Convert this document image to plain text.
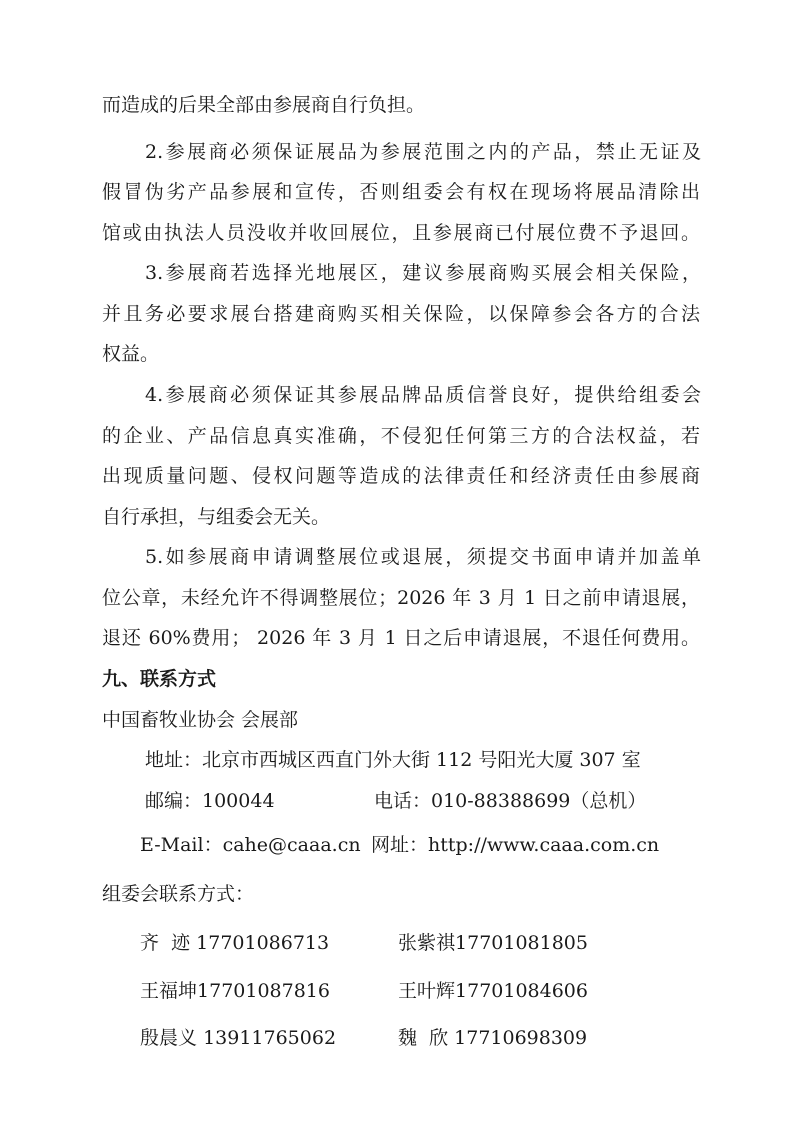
而造成的后果全部由参展商自行负担。
2.参展商必须保证展品为参展范围之内的产品，禁止无证及
假冒伪劣产品参展和宣传，否则组委会有权在现场将展品清除出
馆或由执法人员没收并收回展位，且参展商已付展位费不予退回。
3.参展商若选择光地展区，建议参展商购买展会相关保险，
并且务必要求展台搭建商购买相关保险，以保障参会各方的合法
权益。
4.参展商必须保证其参展品牌品质信誉良好，提供给组委会
的企业、产品信息真实准确，不侵犯任何第三方的合法权益，若
出现质量问题、侵权问题等造成的法律责任和经济责任由参展商
自行承担，与组委会无关。
5.如参展商申请调整展位或退展，须提交书面申请并加盖单
位公章，未经允许不得调整展位；2026 年 3 月 1 日之前申请退展，
退还 60%费用； 2026 年 3 月 1 日之后申请退展，不退任何费用。
九、联系方式
中国畜牧业协会 会展部
地址：北京市西城区西直门外大街 112 号阳光大厦 307 室
邮编：100044	电话：010-88388699（总机）
E-Mail：cahe@caaa.cn 网址：http://www.caaa.com.cn
组委会联系方式：
齐  迹 17701086713	张紫祺17701081805
王福坤17701087816	王叶辉17701084606
殷晨义 13911765062	魏  欣 17710698309
